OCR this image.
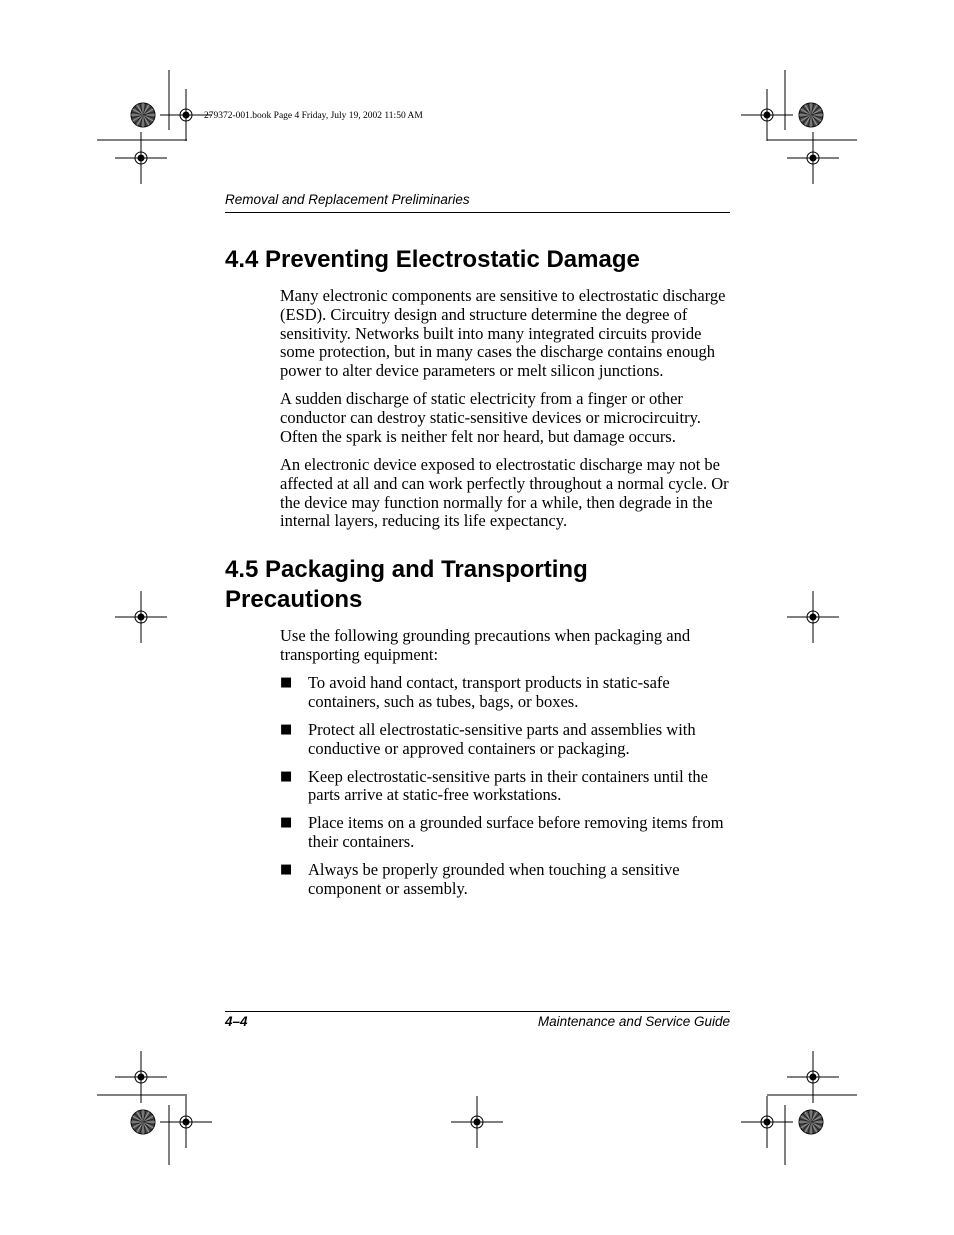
279372-001.book Page 4 Friday, July 19, 2002 11:50 AM
Removal and Replacement Preliminaries
4.4 Preventing Electrostatic Damage

Many electronic components are sensitive to electrostatic discharge (ESD). Circuitry design and structure determine the degree of sensitivity. Networks built into many integrated circuits provide some protection, but in many cases the discharge contains enough power to alter device parameters or melt silicon junctions.

A sudden discharge of static electricity from a finger or other conductor can destroy static-sensitive devices or microcircuitry. Often the spark is neither felt nor heard, but damage occurs.

An electronic device exposed to electrostatic discharge may not be affected at all and can work perfectly throughout a normal cycle. Or the device may function normally for a while, then degrade in the internal layers, reducing its life expectancy.

4.5 Packaging and Transporting Precautions

Use the following grounding precautions when packaging and transporting equipment:

■ To avoid hand contact, transport products in static-safe containers, such as tubes, bags, or boxes.
■ Protect all electrostatic-sensitive parts and assemblies with conductive or approved containers or packaging.
■ Keep electrostatic-sensitive parts in their containers until the parts arrive at static-free workstations.
■ Place items on a grounded surface before removing items from their containers.
■ Always be properly grounded when touching a sensitive component or assembly.
4–4	Maintenance and Service Guide
